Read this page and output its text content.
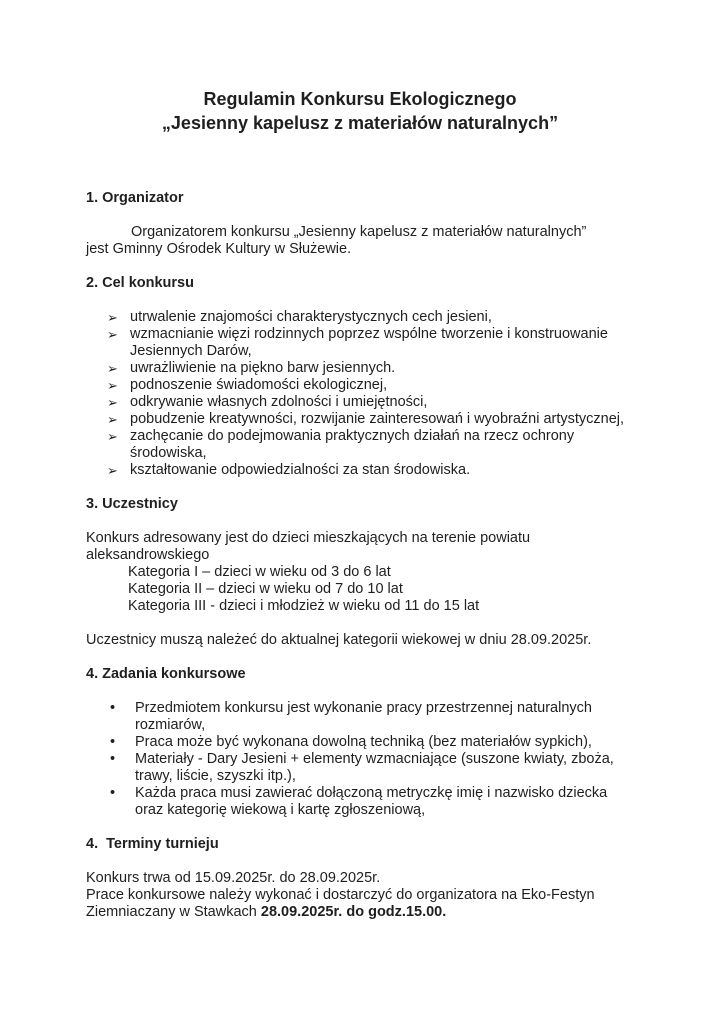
Regulamin Konkursu Ekologicznego
„Jesienny kapelusz z materiałów naturalnych”
1. Organizator
Organizatorem konkursu „Jesienny kapelusz z materiałów naturalnych”
jest Gminny Ośrodek Kultury w Służewie.
2. Cel konkursu
➢ utrwalenie znajomości charakterystycznych cech jesieni,
➢ wzmacnianie więzi rodzinnych poprzez wspólne tworzenie i konstruowanie Jesiennych Darów,
➢ uwrażliwienie na piękno barw jesiennych.
➢ podnoszenie świadomości ekologicznej,
➢ odkrywanie własnych zdolności i umiejętności,
➢ pobudzenie kreatywności, rozwijanie zainteresowań i wyobraźni artystycznej,
➢ zachęcanie do podejmowania praktycznych działań na rzecz ochrony środowiska,
➢ kształtowanie odpowiedzialności za stan środowiska.
3. Uczestnicy
Konkurs adresowany jest do dzieci mieszkających na terenie powiatu aleksandrowskiego
Kategoria I – dzieci w wieku od 3 do 6 lat
Kategoria II – dzieci w wieku od 7 do 10 lat
Kategoria III - dzieci i młodzież w wieku od 11 do 15 lat
Uczestnicy muszą należeć do aktualnej kategorii wiekowej w dniu 28.09.2025r.
4. Zadania konkursowe
• Przedmiotem konkursu jest wykonanie pracy przestrzennej naturalnych rozmiarów,
• Praca może być wykonana dowolną techniką (bez materiałów sypkich),
• Materiały - Dary Jesieni + elementy wzmacniające (suszone kwiaty, zboża, trawy, liście, szyszki itp.),
• Każda praca musi zawierać dołączoną metryczkę imię i nazwisko dziecka oraz kategorię wiekową i kartę zgłoszeniową,
4.  Terminy turnieju
Konkurs trwa od 15.09.2025r. do 28.09.2025r.
Prace konkursowe należy wykonać i dostarczyć do organizatora na Eko-Festyn
Ziemniaczany w Stawkach 28.09.2025r. do godz.15.00.
